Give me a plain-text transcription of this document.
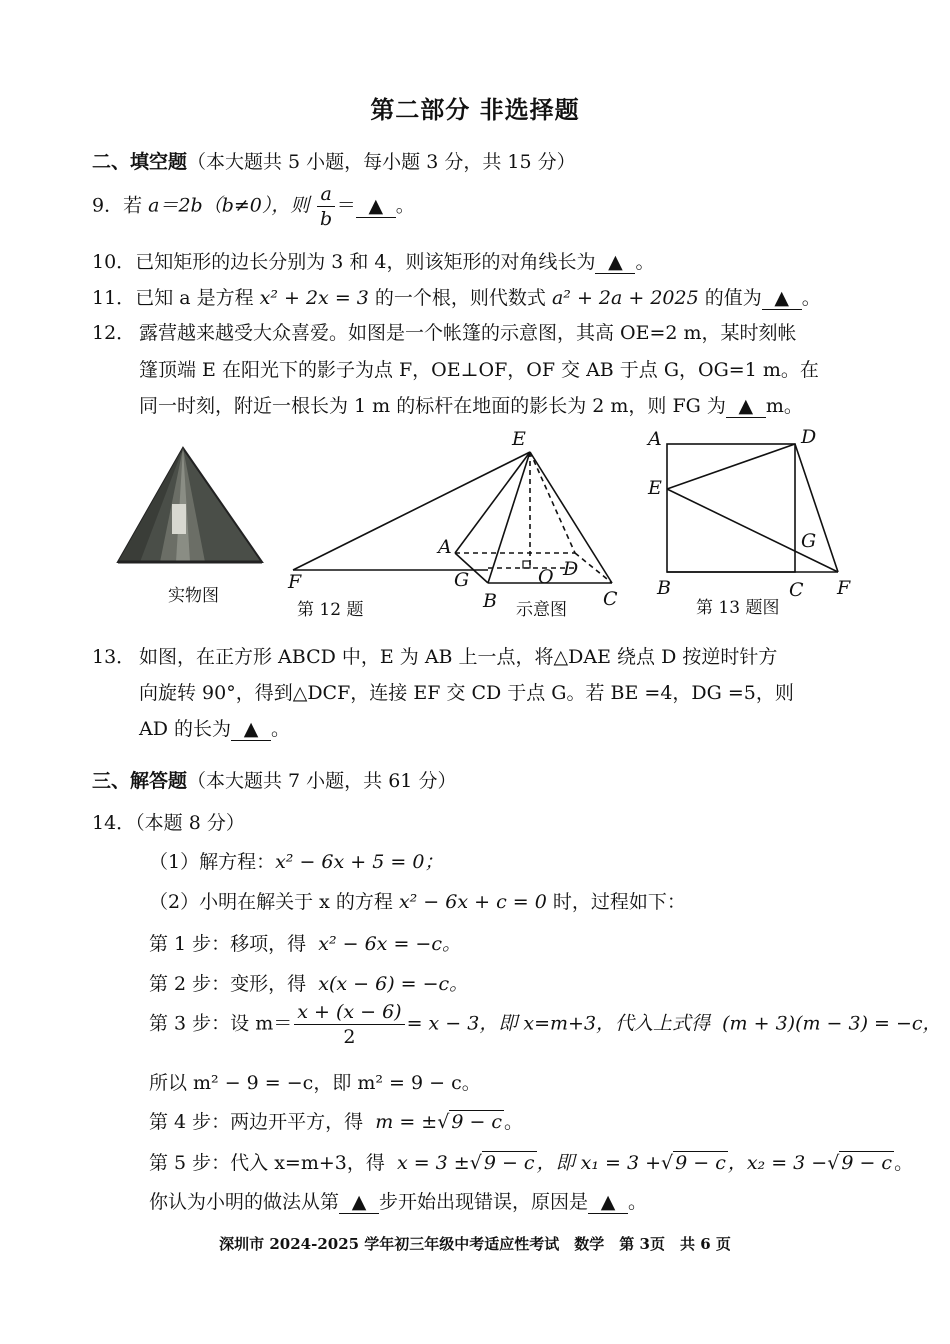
第二部分 非选择题
二、填空题（本大题共 5 小题，每小题 3 分，共 15 分）
9．若 a＝2b（b≠0），则 $\frac{a}{b}$ ＝ ▲ 。
10．已知矩形的边长分别为 3 和 4，则该矩形的对角线长为 ▲ 。
11．已知 a 是方程 x² + 2x = 3 的一个根，则代数式 a² + 2a + 2025 的值为 ▲ 。
12． 露营越来越受大众喜爱。如图是一个帐篷的示意图，其高 OE=2 m，某时刻帐
篷顶端 E 在阳光下的影子为点 F，OE⊥OF，OF 交 AB 于点 G，OG=1 m。在
同一时刻，附近一根长为 1 m 的标杆在地面的影长为 2 m，则 FG 为 ▲ m。
实物图
E
A
F	G	O D
B	C
第 12 题	示意图
A	D
E
G
B	C F
第 13 题图
13． 如图，在正方形 ABCD 中，E 为 AB 上一点，将△DAE 绕点 D 按逆时针方
向旋转 90°，得到△DCF，连接 EF 交 CD 于点 G。若 BE =4，DG =5，则
AD 的长为 ▲ 。
三、解答题（本大题共 7 小题，共 61 分）
14．（本题 8 分）
（1）解方程：x² − 6x + 5 = 0；
（2）小明在解关于 x 的方程 x² − 6x + c = 0 时，过程如下：
第 1 步：移项，得 x² − 6x = −c。
第 2 步：变形，得 x(x − 6) = −c。
第 3 步：设 $m= \frac{x + (x - 6)}{2} = x - 3$，即 x=m+3，代入上式得 (m + 3)(m − 3) = −c，
所以 m² − 9 = −c，即 m² = 9 − c。
第 4 步：两边开平方，得 m = ±√ 9 − c 。
第 5 步：代入 x=m+3，得 x = 3 ±√ 9 − c ，即 x₁ = 3 +√ 9 − c ，x₂ = 3 −√ 9 − c 。
你认为小明的做法从第 ▲ 步开始出现错误，原因是 ▲ 。
深圳市 2024-2025 学年初三年级中考适应性考试　数学　第 3页　共 6 页
